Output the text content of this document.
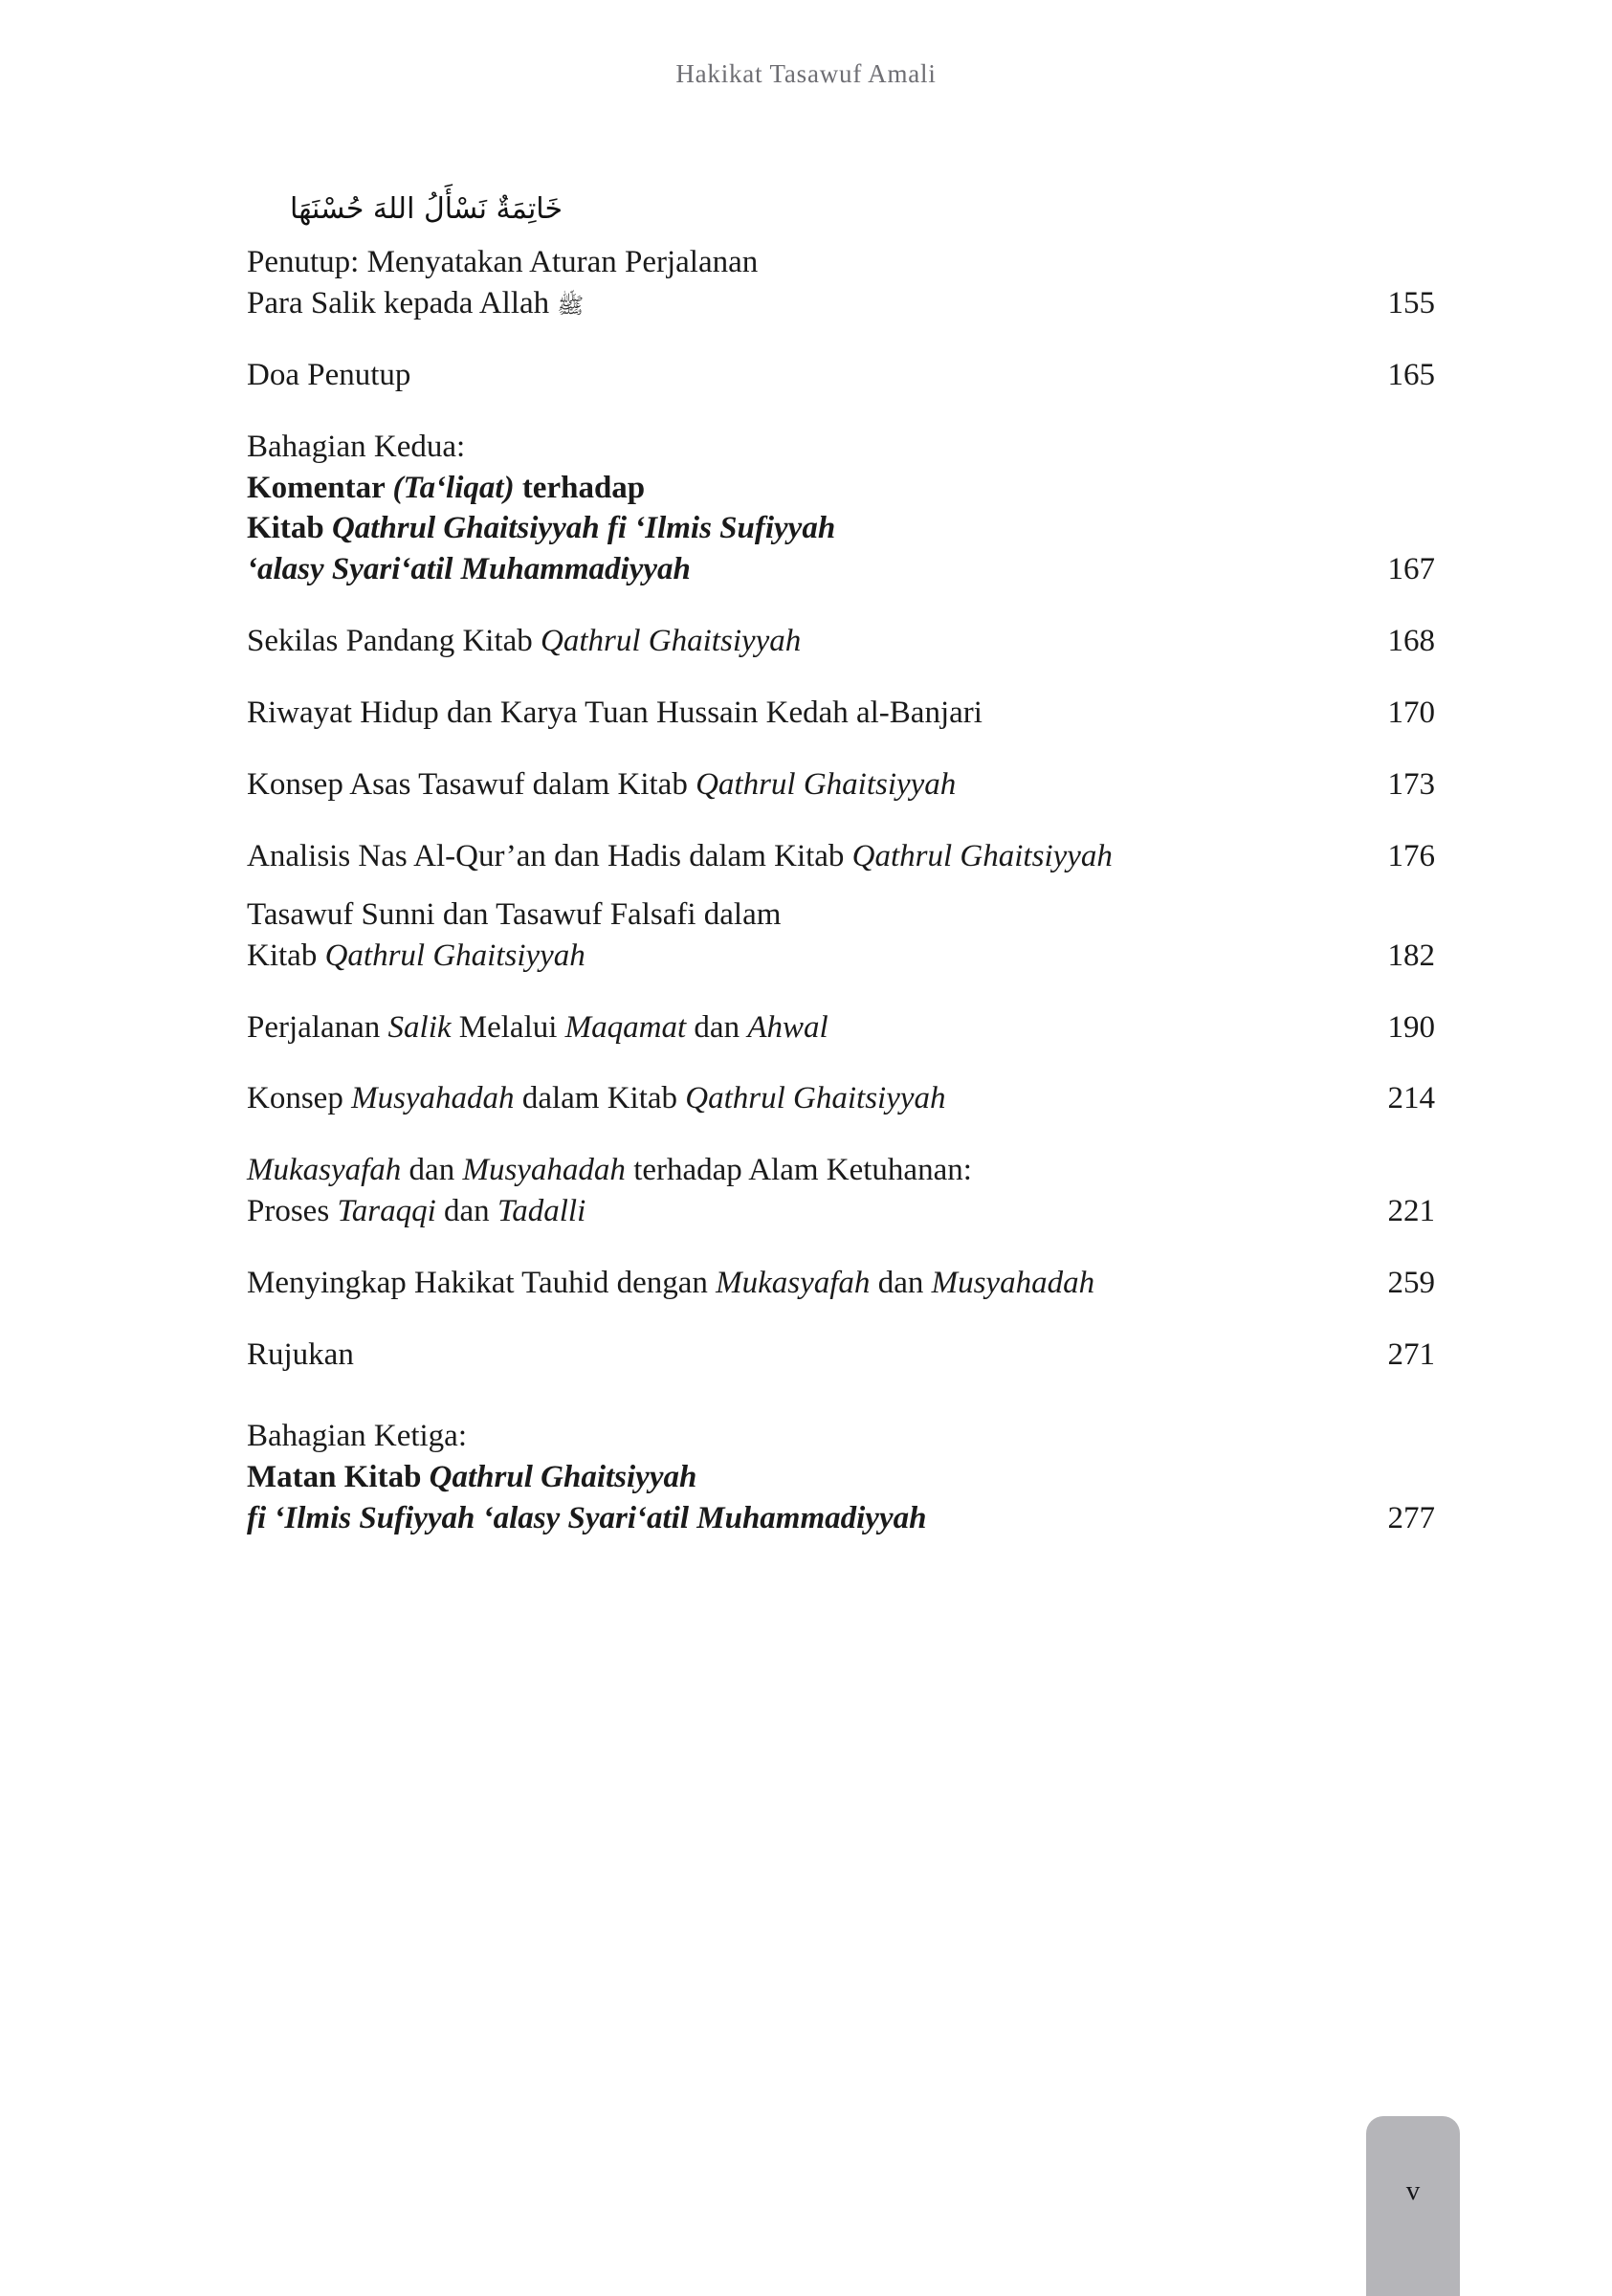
Hakikat Tasawuf Amali
خَاتِمَةٌ نَسْأَلُ اللهَ حُسْنَهَا
Penutup: Menyatakan Aturan Perjalanan
Para Salik kepada Allah ﷺ	155
Doa Penutup	165
Bahagian Kedua:
Komentar (Ta‘liqat) terhadap
Kitab Qathrul Ghaitsiyyah fi ‘Ilmis Sufiyyah
‘alasy Syari‘atil Muhammadiyyah	167
Sekilas Pandang Kitab Qathrul Ghaitsiyyah	168
Riwayat Hidup dan Karya Tuan Hussain Kedah al-Banjari	170
Konsep Asas Tasawuf dalam Kitab Qathrul Ghaitsiyyah	173
Analisis Nas Al-Qur’an dan Hadis dalam Kitab Qathrul Ghaitsiyyah	176
Tasawuf Sunni dan Tasawuf Falsafi dalam
Kitab Qathrul Ghaitsiyyah	182
Perjalanan Salik Melalui Maqamat dan Ahwal	190
Konsep Musyahadah dalam Kitab Qathrul Ghaitsiyyah	214
Mukasyafah dan Musyahadah terhadap Alam Ketuhanan:
Proses Taraqqi dan Tadalli	221
Menyingkap Hakikat Tauhid dengan Mukasyafah dan Musyahadah	259
Rujukan	271
Bahagian Ketiga:
Matan Kitab Qathrul Ghaitsiyyah
fi ‘Ilmis Sufiyyah ‘alasy Syari‘atil Muhammadiyyah	277
v
